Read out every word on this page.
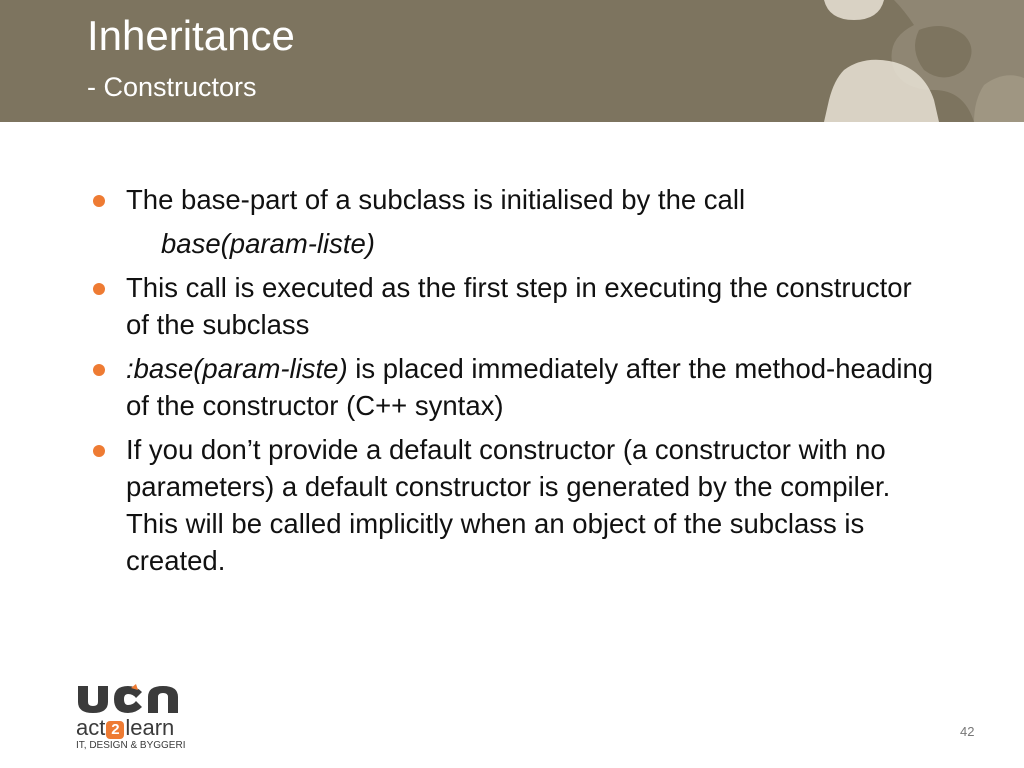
Inheritance
- Constructors
The base-part of a subclass is initialised by the call
base(param-liste)
This call is executed as the first step in executing the constructor of the subclass
:base(param-liste) is placed immediately after the method-heading of the constructor (C++ syntax)
If you don’t provide a default constructor (a constructor with no parameters) a default constructor is generated by the compiler. This will be called implicitly when an object of the subclass is created.
act 2 learn
IT, DESIGN & BYGGERI
42
